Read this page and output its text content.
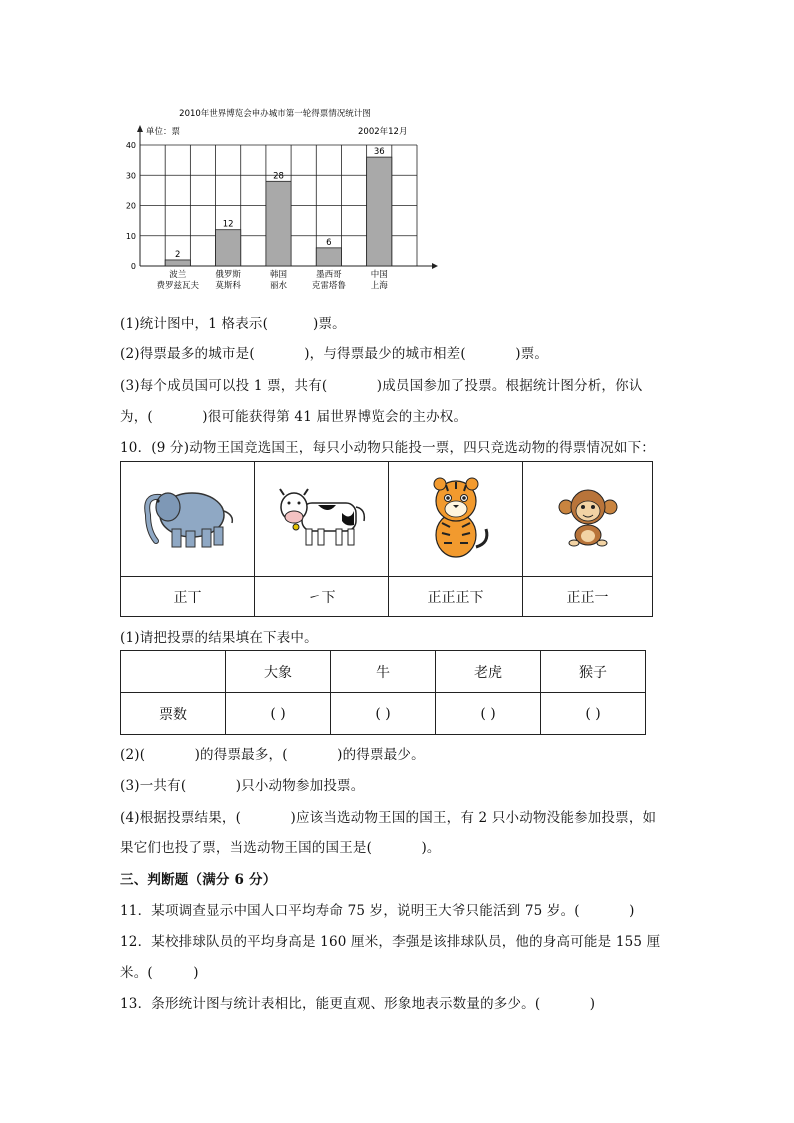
2010年世界博览会申办城市第一轮得票情况统计图
单位：票	2002年12月
0
10
20
30
40
2
波兰
费罗兹瓦夫
12
俄罗斯
莫斯科
28
韩国
丽水
6
墨西哥
克雷塔鲁
36
中国
上海
(1)统计图中，1 格表示(          )票。
(2)得票最多的城市是(           )，与得票最少的城市相差(           )票。
(3)每个成员国可以投 1 票，共有(           )成员国参加了投票。根据统计图分析，你认
为，(           )很可能获得第 41 届世界博览会的主办权。
10．(9 分)动物王国竞选国王，每只小动物只能投一票，四只竞选动物的得票情况如下：

正丅	㇀下	正正正下	正正一
(1)请把投票的结果填在下表中。
	大象	牛	老虎	猴子
票数	( )	( )	( )	( )
(2)(           )的得票最多，(           )的得票最少。
(3)一共有(           )只小动物参加投票。
(4)根据投票结果，(           )应该当选动物王国的国王，有 2 只小动物没能参加投票，如
果它们也投了票，当选动物王国的国王是(           )。
三、判断题（满分 6 分）
11．某项调查显示中国人口平均寿命 75 岁，说明王大爷只能活到 75 岁。(           )
12．某校排球队员的平均身高是 160 厘米，李强是该排球队员，他的身高可能是 155 厘
米。(         )
13．条形统计图与统计表相比，能更直观、形象地表示数量的多少。(           )
